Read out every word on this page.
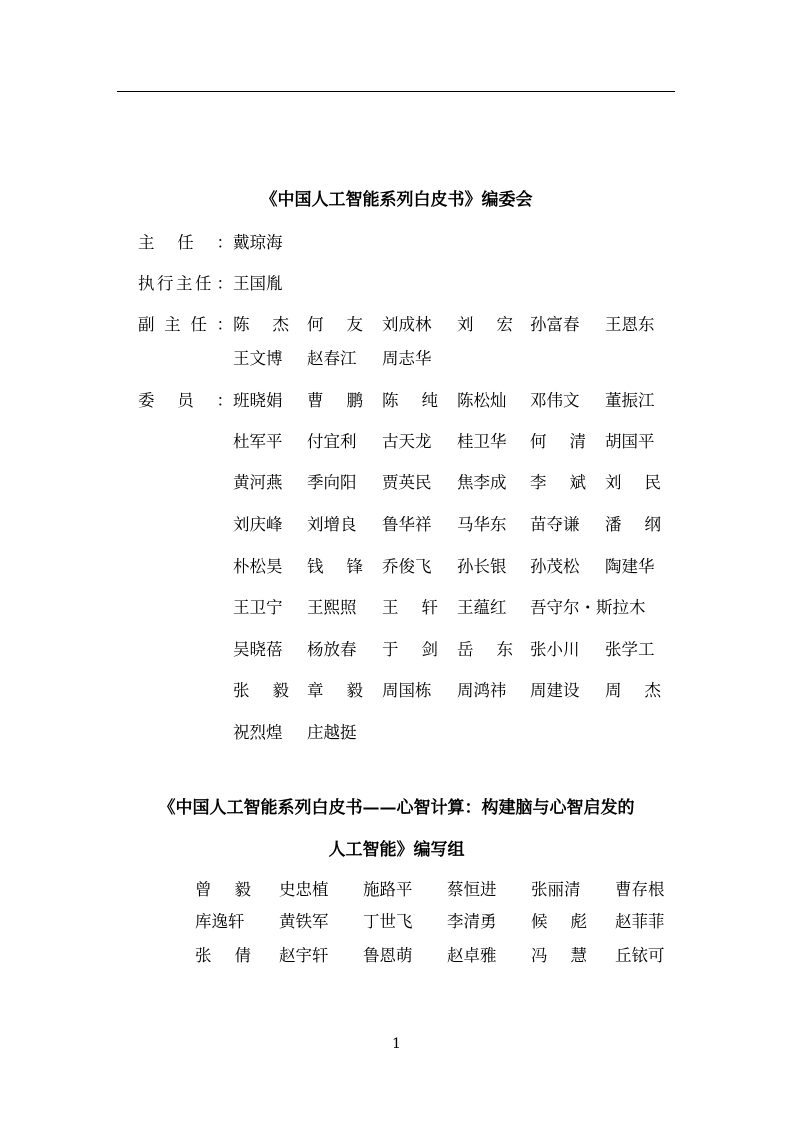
《中国人工智能系列白皮书》编委会
主 任 ： 戴琼海
执 行 主 任 ： 王国胤
副 主 任 ： 陈 杰 何 友 刘成林 刘 宏 孙富春 王恩东
王文博 赵春江 周志华
委 员 ： 班晓娟 曹 鹏 陈 纯 陈松灿 邓伟文 董振江
杜军平 付宜利 古天龙 桂卫华 何 清 胡国平
黄河燕 季向阳 贾英民 焦李成 李 斌 刘 民
刘庆峰 刘增良 鲁华祥 马华东 苗夺谦 潘 纲
朴松昊 钱 锋 乔俊飞 孙长银 孙茂松 陶建华
王卫宁 王熙照 王 轩 王蕴红 吾守尔・斯拉木
吴晓蓓 杨放春 于 剑 岳 东 张小川 张学工
张 毅 章 毅 周国栋 周鸿祎 周建设 周 杰
祝烈煌 庄越挺
《中国人工智能系列白皮书——心智计算：构建脑与心智启发的
人工智能》编写组
曾 毅 史忠植 施路平 蔡恒进 张丽清 曹存根
库逸轩 黄铁军 丁世飞 李清勇 候 彪 赵菲菲
张 倩 赵宇轩 鲁恩萌 赵卓雅 冯 慧 丘铱可
1
